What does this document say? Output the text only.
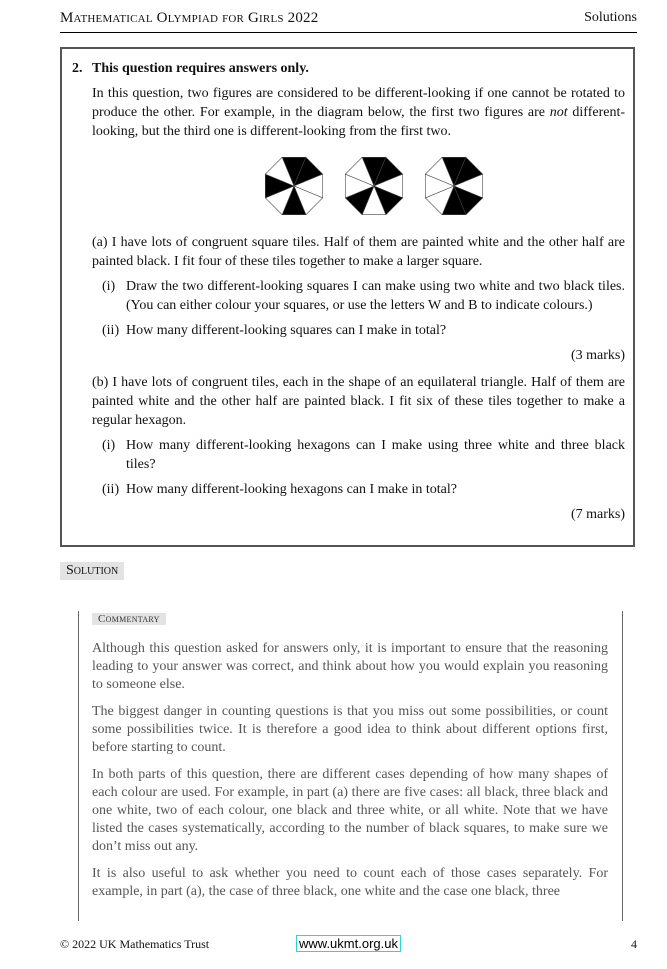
Mathematical Olympiad for Girls 2022	Solutions
2. This question requires answers only.
In this question, two figures are considered to be different-looking if one cannot be rotated to produce the other. For example, in the diagram below, the first two figures are not different-looking, but the third one is different-looking from the first two.
(a) I have lots of congruent square tiles. Half of them are painted white and the other half are painted black. I fit four of these tiles together to make a larger square.
(i) Draw the two different-looking squares I can make using two white and two black tiles. (You can either colour your squares, or use the letters W and B to indicate colours.)
(ii) How many different-looking squares can I make in total?
(3 marks)
(b) I have lots of congruent tiles, each in the shape of an equilateral triangle. Half of them are painted white and the other half are painted black. I fit six of these tiles together to make a regular hexagon.
(i) How many different-looking hexagons can I make using three white and three black tiles?
(ii) How many different-looking hexagons can I make in total?
(7 marks)
Solution
Commentary

Although this question asked for answers only, it is important to ensure that the reasoning leading to your answer was correct, and think about how you would explain you reasoning to someone else.

The biggest danger in counting questions is that you miss out some possibilities, or count some possibilities twice. It is therefore a good idea to think about different options first, before starting to count.

In both parts of this question, there are different cases depending of how many shapes of each colour are used. For example, in part (a) there are five cases: all black, three black and one white, two of each colour, one black and three white, or all white. Note that we have listed the cases systematically, according to the number of black squares, to make sure we don’t miss out any.

It is also useful to ask whether you need to count each of those cases separately. For example, in part (a), the case of three black, one white and the case one black, three

© 2022 UK Mathematics Trust	www.ukmt.org.uk	4
